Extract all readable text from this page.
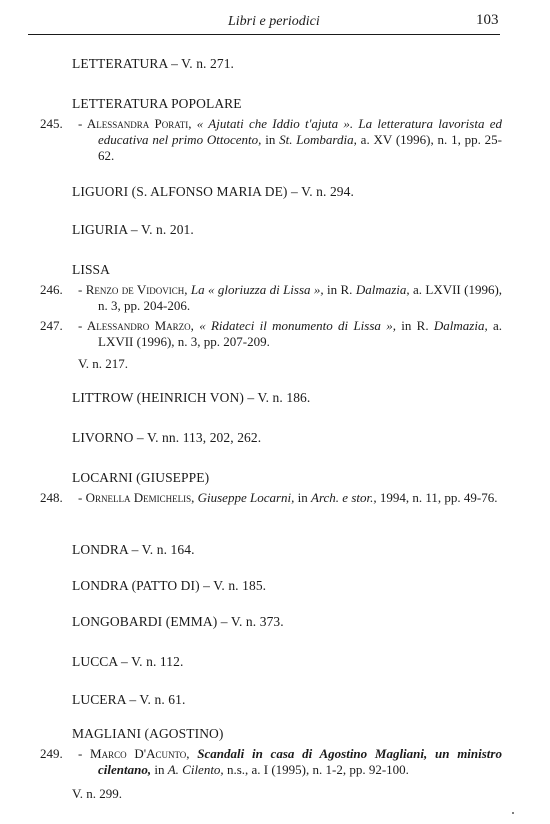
Libri e periodici	103
LETTERATURA – V. n. 271.
LETTERATURA POPOLARE
245. - Alessandra Porati, « Ajutati che Iddio t'ajuta ». La letteratura lavorista ed educativa nel primo Ottocento, in St. Lombardia, a. XV (1996), n. 1, pp. 25-62.
LIGUORI (S. ALFONSO MARIA DE) – V. n. 294.
LIGURIA – V. n. 201.
LISSA
246. - Renzo de Vidovich, La « gloriuzza di Lissa », in R. Dalmazia, a. LXVII (1996), n. 3, pp. 204-206.
247. - Alessandro Marzo, « Ridateci il monumento di Lissa », in R. Dalmazia, a. LXVII (1996), n. 3, pp. 207-209.
V. n. 217.
LITTROW (HEINRICH VON) – V. n. 186.
LIVORNO – V. nn. 113, 202, 262.
LOCARNI (GIUSEPPE)
248. - Ornella Demichelis, Giuseppe Locarni, in Arch. e stor., 1994, n. 11, pp. 49-76.
LONDRA – V. n. 164.
LONDRA (PATTO DI) – V. n. 185.
LONGOBARDI (EMMA) – V. n. 373.
LUCCA – V. n. 112.
LUCERA – V. n. 61.
MAGLIANI (AGOSTINO)
249. - Marco D'Acunto, Scandali in casa di Agostino Magliani, un ministro cilentano, in A. Cilento, n.s., a. I (1995), n. 1-2, pp. 92-100.
V. n. 299.
